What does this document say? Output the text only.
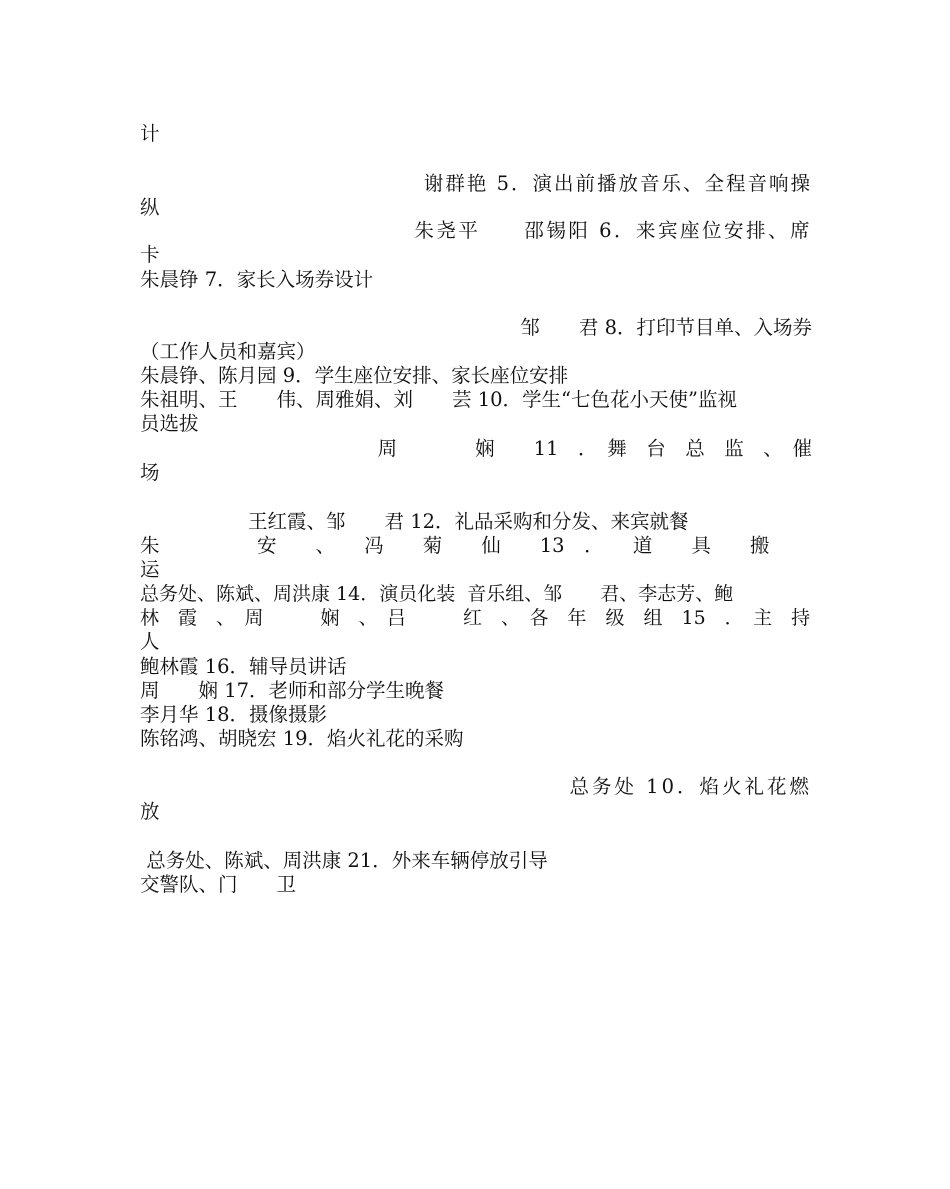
计
谢群艳 5．演出前播放音乐、全程音响操
纵
朱尧平　　邵锡阳 6．来宾座位安排、席
卡
朱晨铮 7．家长入场券设计
邹　　君 8．打印节目单、入场券
（工作人员和嘉宾）
朱晨铮、陈月园 9．学生座位安排、家长座位安排
朱祖明、王　　伟、周雅娟、刘　　芸 10．学生“七色花小天使”监视
员选拔
周　　　　娴　　11　．　舞　台　总　监　、　催
场
王红霞、邹　　君 12．礼品采购和分发、来宾就餐
朱　　　　　安　　、　　冯　　菊　　仙　　13　．　　道　　具　　搬
运
总务处、陈斌、周洪康 14．演员化装  音乐组、邹　　君、李志芳、鲍
林　霞　、　周　　　娴　、　吕　　　红　、　各　年　级　组　15　．　主　持
人
鲍林霞 16．辅导员讲话
周　　娴 17．老师和部分学生晚餐
李月华 18．摄像摄影
陈铭鸿、胡晓宏 19．焰火礼花的采购
总务处 10．焰火礼花燃
放
总务处、陈斌、周洪康 21．外来车辆停放引导
交警队、门　　卫
